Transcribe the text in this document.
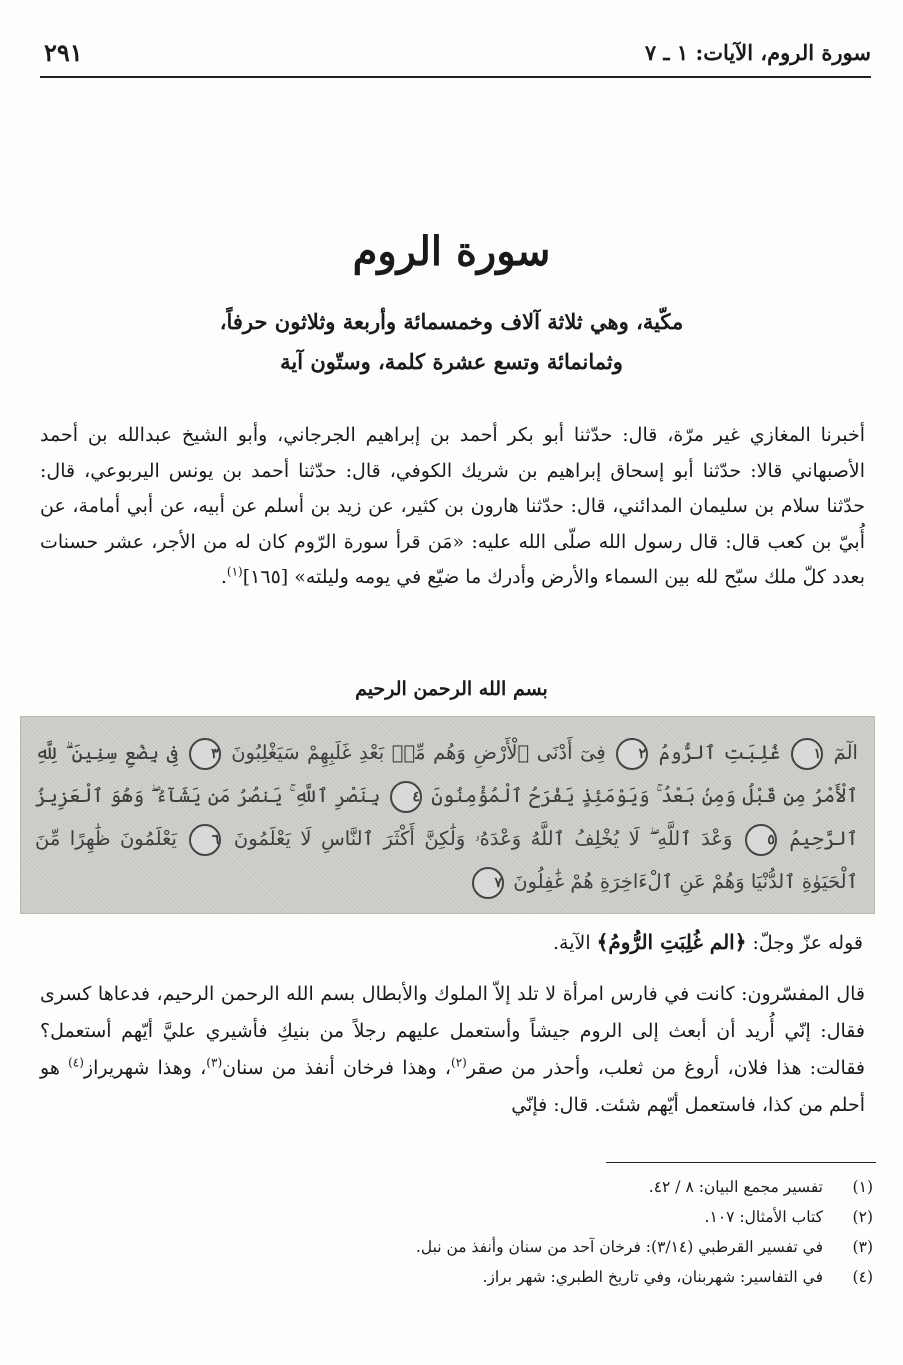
سورة الروم، الآيات: ١ ـ ٧
٢٩١
سورة الروم
مكّية، وهي ثلاثة آلاف وخمسمائة وأربعة وثلاثون حرفاً،
وثمانمائة وتسع عشرة كلمة، وستّون آية
أخبرنا المغازي غير مرّة، قال: حدّثنا أبو بكر أحمد بن إبراهيم الجرجاني، وأبو الشيخ عبدالله بن أحمد الأصبهاني قالا: حدّثنا أبو إسحاق إبراهيم بن شريك الكوفي، قال: حدّثنا أحمد بن يونس اليربوعي، قال: حدّثنا سلام بن سليمان المدائني، قال: حدّثنا هارون بن كثير، عن زيد بن أسلم عن أبيه، عن أبي أمامة، عن أُبيّ بن كعب قال: قال رسول الله صلّى الله عليه: «مَن قرأ سورة الرّوم كان له من الأجر، عشر حسنات بعدد كلّ ملك سبّح لله بين السماء والأرض وأدرك ما ضيّع في يومه وليلته» [١٦٥]$^{(١)}$.
بسم الله الرحمن الرحيم
الٓمٓ ١ غُلِبَتِ ٱلرُّومُ ٢ فِىٓ أَدْنَى ٱلْأَرْضِ وَهُم مِّنۢ بَعْدِ غَلَبِهِمْ سَيَغْلِبُونَ ٣ فِى بِضْعِ سِنِينَ ۗ لِلَّهِ ٱلْأَمْرُ مِن قَبْلُ وَمِنۢ بَعْدُ ۚ وَيَوْمَئِذٍ يَفْرَحُ ٱلْمُؤْمِنُونَ ٤ بِنَصْرِ ٱللَّهِ ۚ يَنصُرُ مَن يَشَآءُ ۖ وَهُوَ ٱلْعَزِيزُ ٱلرَّحِيمُ ٥ وَعْدَ ٱللَّهِ ۖ لَا يُخْلِفُ ٱللَّهُ وَعْدَهُۥ وَلَٰكِنَّ أَكْثَرَ ٱلنَّاسِ لَا يَعْلَمُونَ ٦ يَعْلَمُونَ ظَٰهِرًا مِّنَ ٱلْحَيَوٰةِ ٱلدُّنْيَا وَهُمْ عَنِ ٱلْءَاخِرَةِ هُمْ غَٰفِلُونَ ٧
قوله عزّ وجلّ: ﴿الم غُلِبَتِ الرُّومُ﴾ الآية.
قال المفسّرون: كانت في فارس امرأة لا تلد إلاّ الملوك والأبطال بسم الله الرحمن الرحيم، فدعاها كسرى فقال: إنّي أُريد أن أبعث إلى الروم جيشاً وأستعمل عليهم رجلاً من بنيكِ فأشيري عليَّ أيّهم أستعمل؟ فقالت: هذا فلان، أروغ من ثعلب، وأحذر من صقر$^{(٢)}$، وهذا فرخان أنفذ من سنان$^{(٣)}$، وهذا شهريراز$^{(٤)}$ هو أحلم من كذا، فاستعمل أيّهم شئت. قال: فإنّي
(١)
تفسير مجمع البيان: ٨ / ٤٢.
(٢)
كتاب الأمثال: ١٠٧.
(٣)
في تفسير القرطبي (٣/١٤): فرخان آحد من سنان وأنفذ من نبل.
(٤)
في التفاسير: شهربنان، وفي تاريخ الطبري: شهر براز.
